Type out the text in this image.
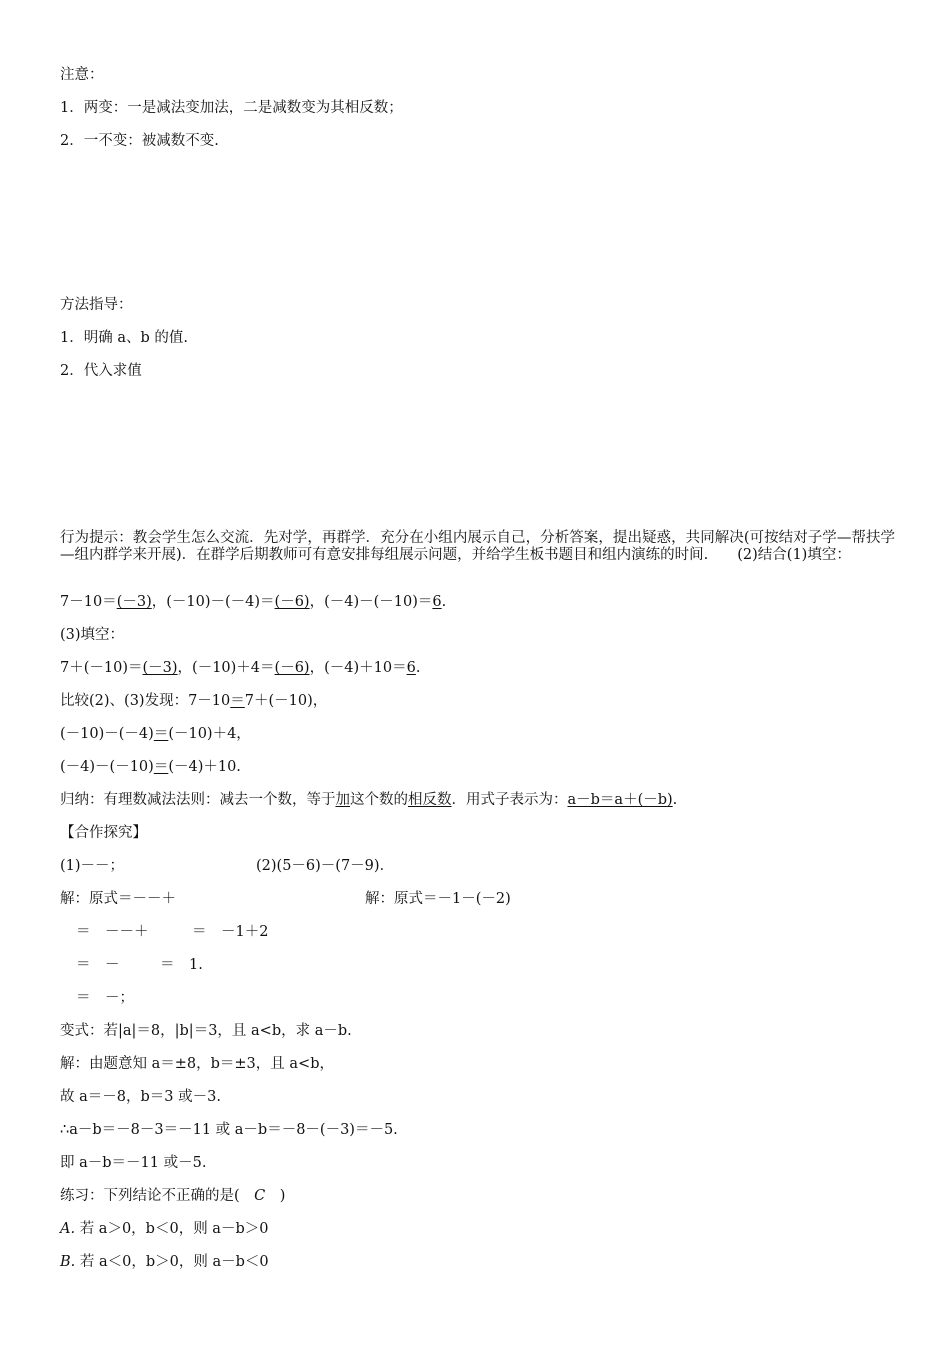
注意：
1．两变：一是减法变加法，二是减数变为其相反数；
2．一不变：被减数不变.
方法指导：
1．明确 a、b 的值.
2．代入求值
行为提示：教会学生怎么交流．先对学，再群学．充分在小组内展示自己，分析答案，提出疑惑，共同解决(可按结对子学—帮扶学—组内群学来开展)．在群学后期教师可有意安排每组展示问题，并给学生板书题目和组内演练的时间.　　(2)结合(1)填空：
7－10＝(－3)，(－10)－(－4)＝(－6)，(－4)－(－10)＝6.
(3)填空：
7＋(－10)＝(－3)，(－10)＋4＝(－6)，(－4)＋10＝6.
比较(2)、(3)发现：7－10＝7＋(－10)，
(－10)－(－4)＝(－10)＋4，
(－4)－(－10)＝(－4)＋10.
归纳：有理数减法法则：减去一个数，等于加这个数的相反数．用式子表示为：a－b＝a＋(－b).
【合作探究】
(1)－－；	(2)(5－6)－(7－9)．
解：原式＝－－＋	解：原式＝－1－(－2)
＝　－－＋	＝　－1＋2
＝　－	＝　1.
＝　－；
变式：若|a|＝8，|b|＝3，且 a<b，求 a－b.
解：由题意知 a＝±8，b＝±3，且 a<b，
故 a＝－8，b＝3 或－3.
∴a－b＝－8－3＝－11 或 a－b＝－8－(－3)＝－5.
即 a－b＝－11 或－5.
练习：下列结论不正确的是(　C　)
A. 若 a＞0，b＜0，则 a－b＞0
B. 若 a＜0，b＞0，则 a－b＜0
